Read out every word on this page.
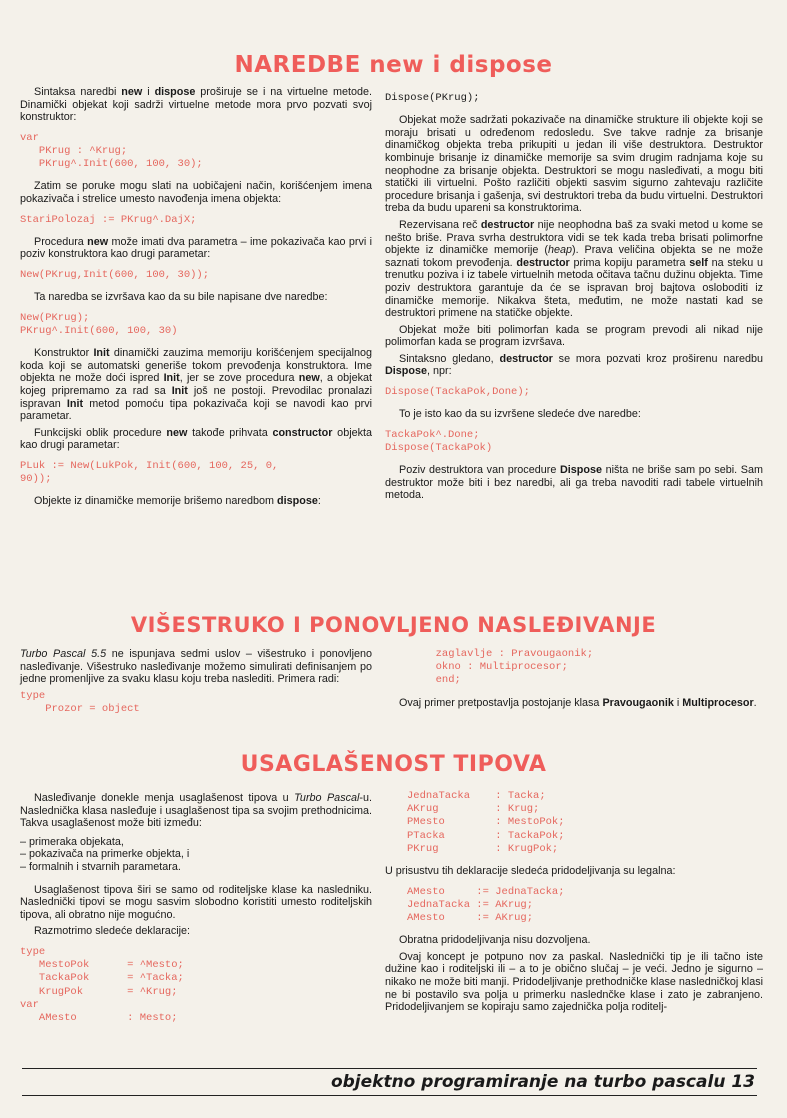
NAREDBE new i dispose

Sintaksa naredbi new i dispose proširuje se i na virtuelne metode. Dinamički objekat koji sadrži virtuelne metode mora prvo pozvati svoj konstruktor:

var
PKrug : ^Krug;
PKrug^.Init(600, 100, 30);

Zatim se poruke mogu slati na uobičajeni način, korišćenjem imena pokazivača i strelice umesto navođenja imena objekta:

StariPolozaj := PKrug^.DajX;

Procedura new može imati dva parametra – ime pokazivača kao prvi i poziv konstruktora kao drugi parametar:

New(PKrug,Init(600, 100, 30));

Ta naredba se izvršava kao da su bile napisane dve naredbe:

New(PKrug);
PKrug^.Init(600, 100, 30)

Konstruktor Init dinamički zauzima memoriju korišćenjem specijalnog koda koji se automatski generiše tokom prevođenja konstruktora. Ime objekta ne može doći ispred Init, jer se zove procedura new, a objekat kojeg pripremamo za rad sa Init još ne postoji. Prevodilac pronalazi ispravan Init metod pomoću tipa pokazivača koji se navodi kao prvi parametar.

Funkcijski oblik procedure new takođe prihvata constructor objekta kao drugi parametar:

PLuk := New(LukPok, Init(600, 100, 25, 0,
90));

Objekte iz dinamičke memorije brišemo naredbom dispose:

Dispose(PKrug);

Objekat može sadržati pokazivače na dinamičke strukture ili objekte koji se moraju brisati u određenom redosledu. Sve takve radnje za brisanje dinamičkog objekta treba prikupiti u jedan ili više destruktora. Destruktor kombinuje brisanje iz dinamičke memorije sa svim drugim radnjama koje su neophodne za brisanje objekta. Destruktori se mogu nasleđivati, a mogu biti statički ili virtuelni. Pošto različiti objekti sasvim sigurno zahtevaju različite procedure brisanja i gašenja, svi destruktori treba da budu virtuelni. Destruktori treba da budu upareni sa konstruktorima.

Rezervisana reč destructor nije neophodna baš za svaki metod u kome se nešto briše. Prava svrha destruktora vidi se tek kada treba brisati polimorfne objekte iz dinamičke memorije (heap). Prava veličina objekta se ne može saznati tokom prevođenja. destructor prima kopiju parametra self na steku u trenutku poziva i iz tabele virtuelnih metoda očitava tačnu dužinu objekta. Time poziv destruktora garantuje da će se ispravan broj bajtova osloboditi iz dinamičke memorije. Nikakva šteta, međutim, ne može nastati kad se destruktori primene na statičke objekte.

Objekat može biti polimorfan kada se program prevodi ali nikad nije polimorfan kada se program izvršava.

Sintaksno gledano, destructor se mora pozvati kroz proširenu naredbu Dispose, npr:

Dispose(TackaPok,Done);

To je isto kao da su izvršene sledeće dve naredbe:

TackaPok^.Done;
Dispose(TackaPok)

Poziv destruktora van procedure Dispose ništa ne briše sam po sebi. Sam destruktor može biti i bez naredbi, ali ga treba navoditi radi tabele virtuelnih metoda.

VIŠESTRUKO I PONOVLJENO NASLEĐIVANJE

Turbo Pascal 5.5 ne ispunjava sedmi uslov – višestruko i ponovljeno nasleđivanje. Višestruko nasleđivanje možemo simulirati definisanjem po jedne promenljive za svaku klasu koju treba naslediti. Primera radi:

type
Prozor = object
zaglavlje : Pravougaonik;
okno : Multiprocesor;
end;

Ovaj primer pretpostavlja postojanje klasa Pravougaonik i Multiprocesor.

USAGLAŠENOST TIPOVA

Nasleđivanje donekle menja usaglašenost tipova u Turbo Pascal-u. Naslednička klasa nasleđuje i usaglašenost tipa sa svojim prethodnicima. Takva usaglašenost može biti između:

– primeraka objekata,
– pokazivača na primerke objekta, i
– formalnih i stvarnih parametara.

Usaglašenost tipova širi se samo od roditeljske klase ka nasledniku. Naslednički tipovi se mogu sasvim slobodno koristiti umesto roditeljskih tipova, ali obratno nije mogućno.

Razmotrimo sledeće deklaracije:

type
MestoPok      = ^Mesto;
TackaPok      = ^Tacka;
KrugPok       = ^Krug;
var
AMesto        : Mesto;
JednaTacka    : Tacka;
AKrug         : Krug;
PMesto        : MestoPok;
PTacka        : TackaPok;
PKrug         : KrugPok;

U prisustvu tih deklaracije sledeća pridodeljivanja su legalna:

AMesto     := JednaTacka;
JednaTacka := AKrug;
AMesto     := AKrug;

Obratna pridodeljivanja nisu dozvoljena.

Ovaj koncept je potpuno nov za paskal. Naslednički tip je ili tačno iste dužine kao i roditeljski ili – a to je obično slučaj – je veći. Jedno je sigurno – nikako ne može biti manji. Pridodeljivanje prethodničke klase nasledničkoj klasi ne bi postavilo sva polja u primerku naslednčke klase i zato je zabranjeno. Pridodeljivanjem se kopiraju samo zajednička polja roditelj-

objektno programiranje na turbo pascalu 13
